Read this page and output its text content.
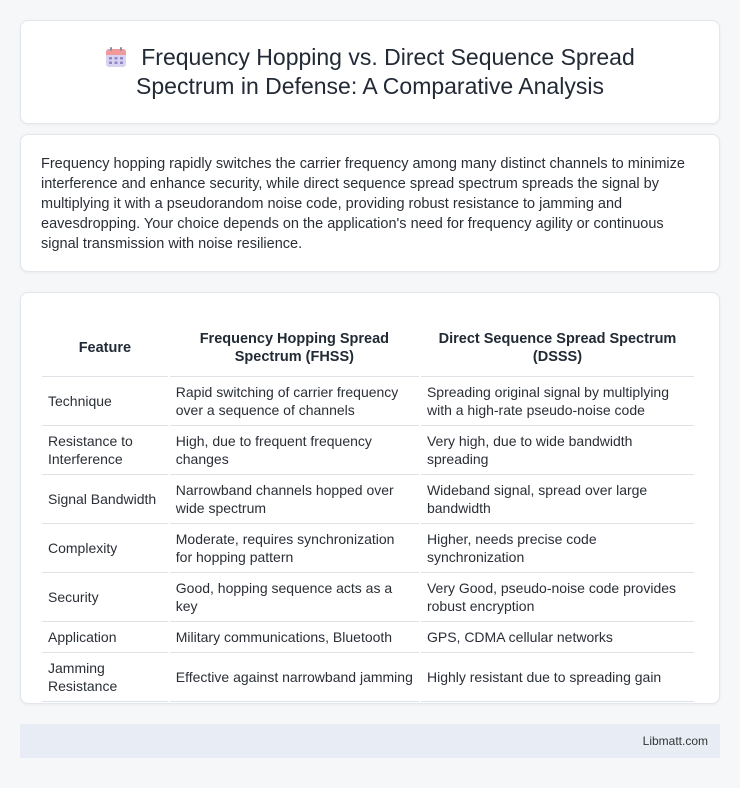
Frequency Hopping vs. Direct Sequence Spread Spectrum in Defense: A Comparative Analysis

Frequency hopping rapidly switches the carrier frequency among many distinct channels to minimize interference and enhance security, while direct sequence spread spectrum spreads the signal by multiplying it with a pseudorandom noise code, providing robust resistance to jamming and eavesdropping. Your choice depends on the application's need for frequency agility or continuous signal transmission with noise resilience.

Feature	Frequency Hopping Spread Spectrum (FHSS)	Direct Sequence Spread Spectrum (DSSS)
Technique	Rapid switching of carrier frequency over a sequence of channels	Spreading original signal by multiplying with a high-rate pseudo-noise code
Resistance to Interference	High, due to frequent frequency changes	Very high, due to wide bandwidth spreading
Signal Bandwidth	Narrowband channels hopped over wide spectrum	Wideband signal, spread over large bandwidth
Complexity	Moderate, requires synchronization for hopping pattern	Higher, needs precise code synchronization
Security	Good, hopping sequence acts as a key	Very Good, pseudo-noise code provides robust encryption
Application	Military communications, Bluetooth	GPS, CDMA cellular networks
Jamming Resistance	Effective against narrowband jamming	Highly resistant due to spreading gain
Libmatt.com
